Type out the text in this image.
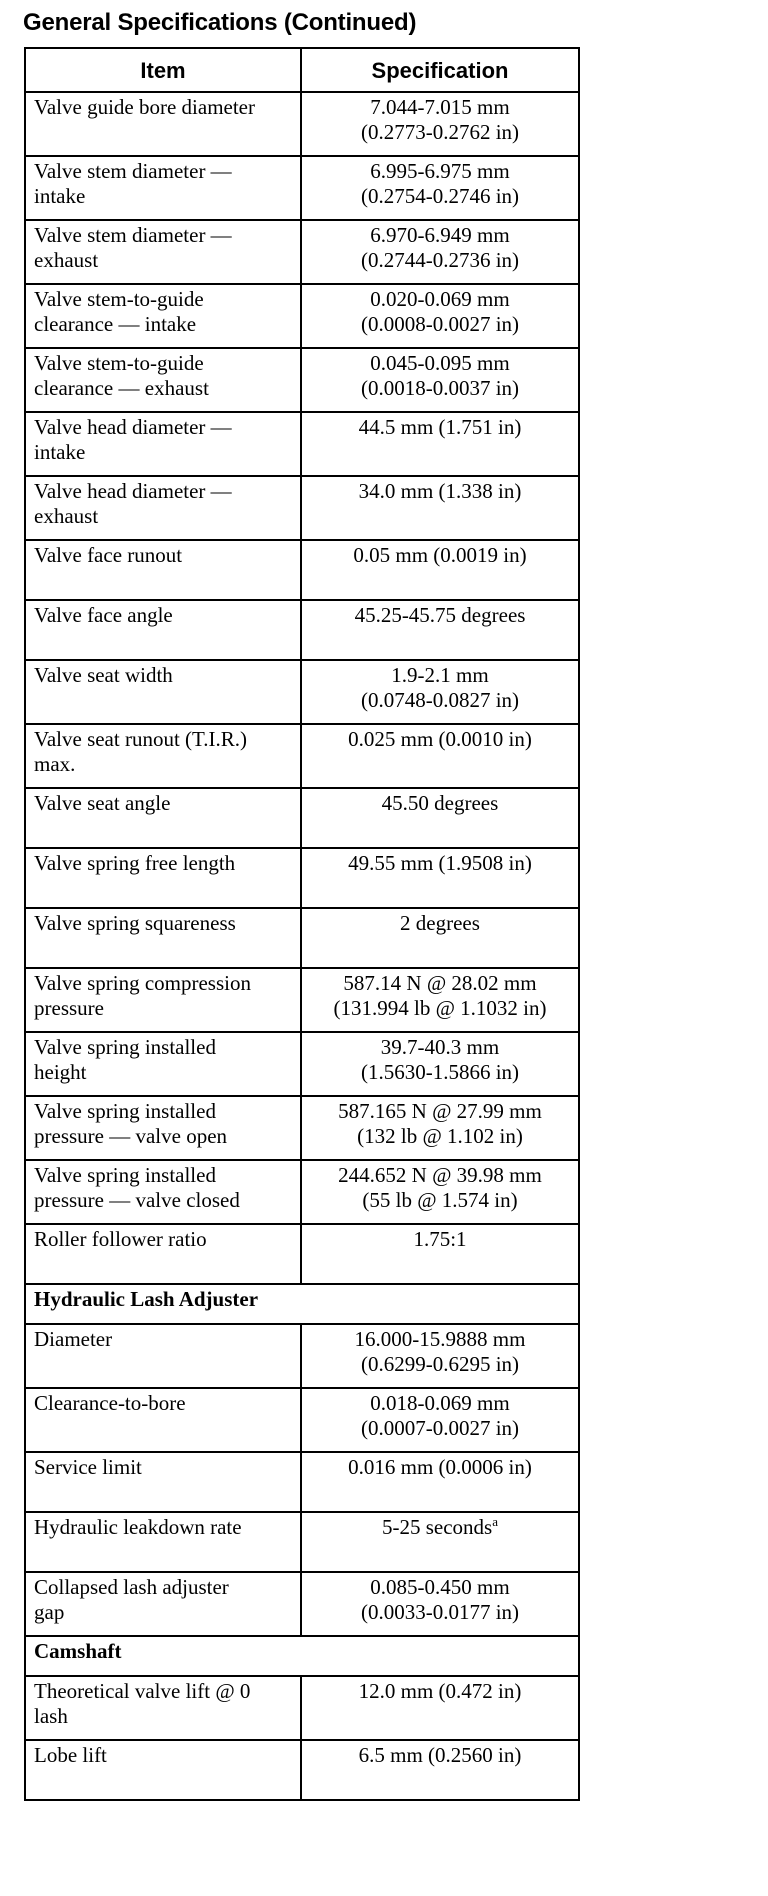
General Specifications (Continued)
Item	Specification

Valve guide bore diameter	7.044-7.015 mm
(0.2773-0.2762 in)

Valve stem diameter —
intake	6.995-6.975 mm
(0.2754-0.2746 in)

Valve stem diameter —
exhaust	6.970-6.949 mm
(0.2744-0.2736 in)

Valve stem-to-guide
clearance — intake	0.020-0.069 mm
(0.0008-0.0027 in)

Valve stem-to-guide
clearance — exhaust	0.045-0.095 mm
(0.0018-0.0037 in)

Valve head diameter —
intake	44.5 mm (1.751 in)

Valve head diameter —
exhaust	34.0 mm (1.338 in)

Valve face runout	0.05 mm (0.0019 in)

Valve face angle	45.25-45.75 degrees

Valve seat width	1.9-2.1 mm
(0.0748-0.0827 in)

Valve seat runout (T.I.R.)
max.	0.025 mm (0.0010 in)

Valve seat angle	45.50 degrees

Valve spring free length	49.55 mm (1.9508 in)

Valve spring squareness	2 degrees

Valve spring compression
pressure	587.14 N @ 28.02 mm
(131.994 lb @ 1.1032 in)

Valve spring installed
height	39.7-40.3 mm
(1.5630-1.5866 in)

Valve spring installed
pressure — valve open	587.165 N @ 27.99 mm
(132 lb @ 1.102 in)

Valve spring installed
pressure — valve closed	244.652 N @ 39.98 mm
(55 lb @ 1.574 in)

Roller follower ratio	1.75:1

Hydraulic Lash Adjuster	

Diameter	16.000-15.9888 mm
(0.6299-0.6295 in)

Clearance-to-bore	0.018-0.069 mm
(0.0007-0.0027 in)

Service limit	0.016 mm (0.0006 in)

Hydraulic leakdown rate	5-25 seconds$^a$

Collapsed lash adjuster
gap	0.085-0.450 mm
(0.0033-0.0177 in)

Camshaft	

Theoretical valve lift @ 0
lash	12.0 mm (0.472 in)

Lobe lift	6.5 mm (0.2560 in)
